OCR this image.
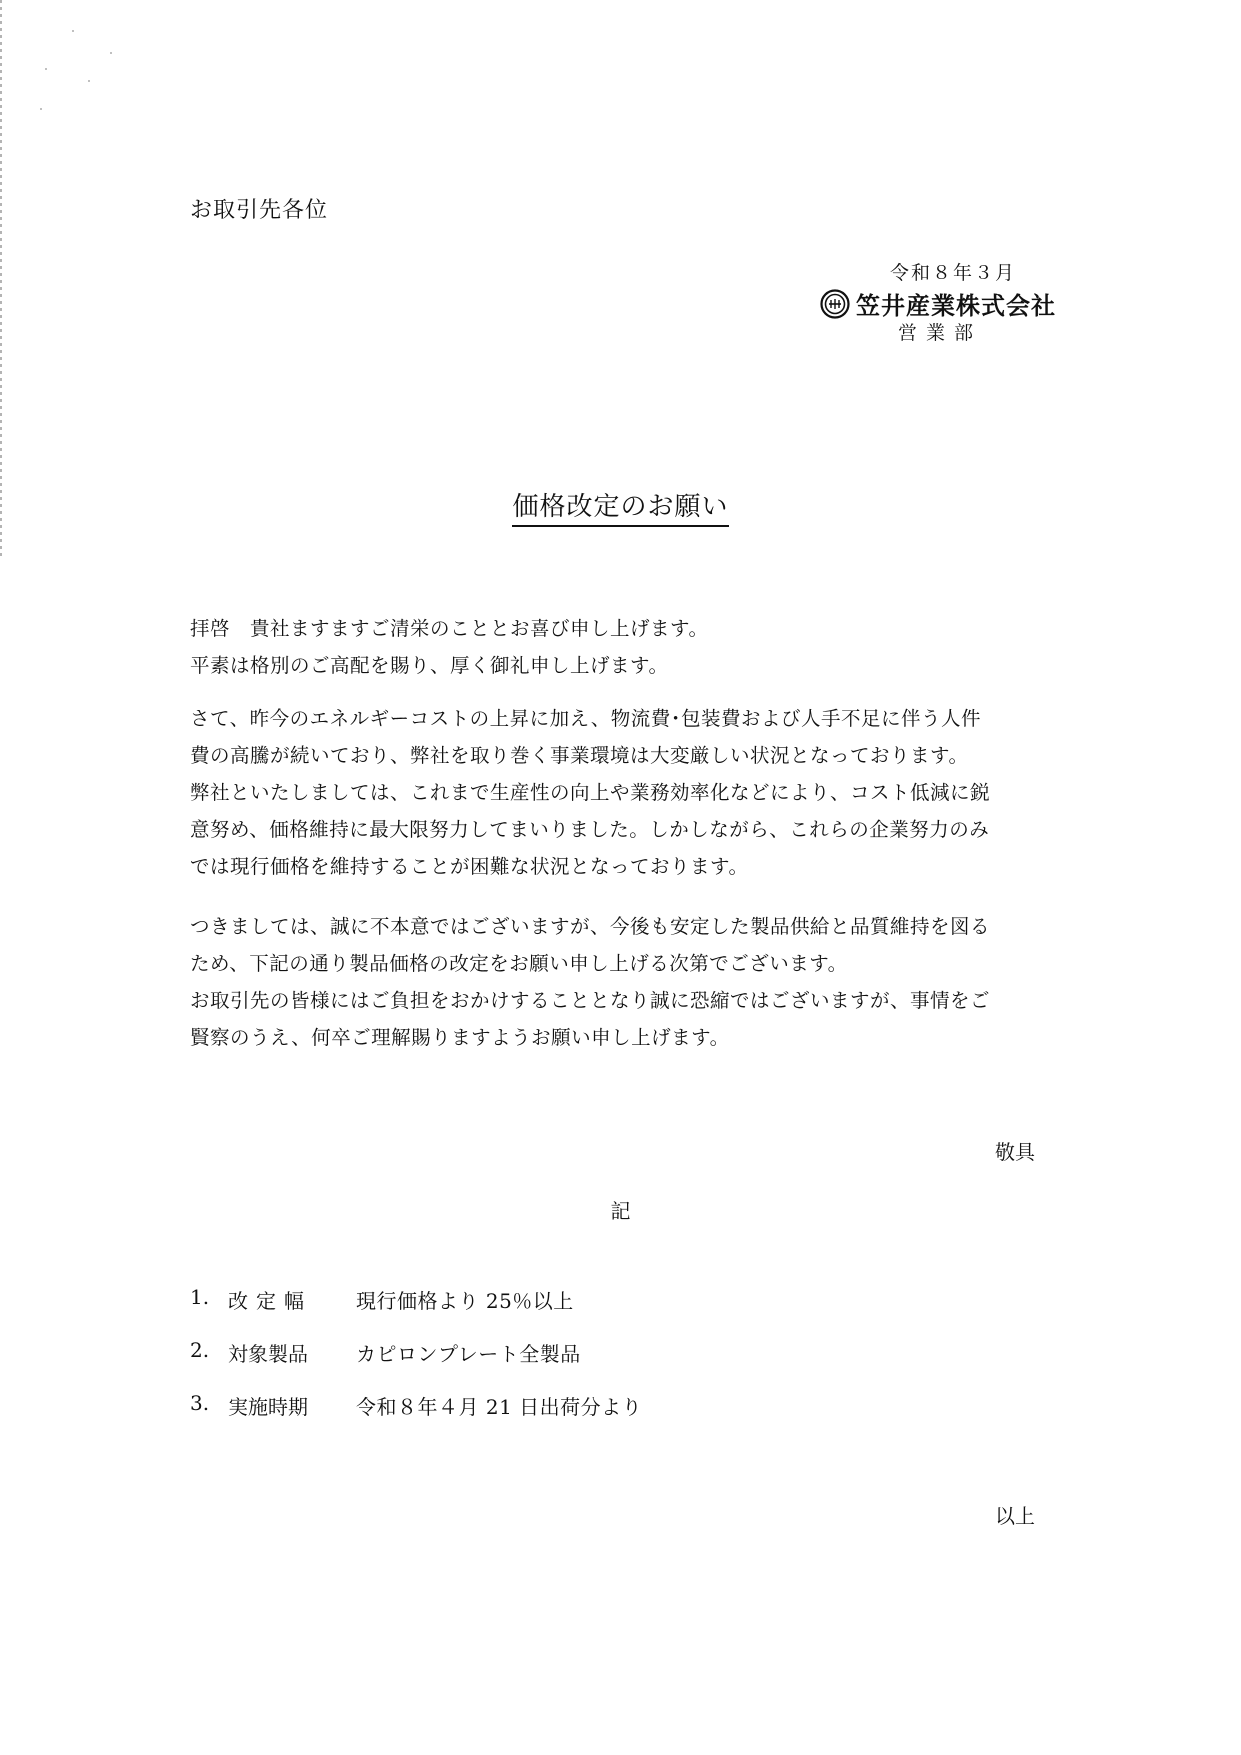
お取引先各位
令和８年３月
笠井産業株式会社
営業部
価格改定のお願い
拝啓　貴社ますますご清栄のこととお喜び申し上げます。
平素は格別のご高配を賜り、厚く御礼申し上げます。
さて、昨今のエネルギーコストの上昇に加え、物流費･包装費および人手不足に伴う人件
費の高騰が続いており、弊社を取り巻く事業環境は大変厳しい状況となっております。
弊社といたしましては、これまで生産性の向上や業務効率化などにより、コスト低減に鋭
意努め、価格維持に最大限努力してまいりました。しかしながら、これらの企業努力のみ
では現行価格を維持することが困難な状況となっております。
つきましては、誠に不本意ではございますが、今後も安定した製品供給と品質維持を図る
ため、下記の通り製品価格の改定をお願い申し上げる次第でございます。
お取引先の皆様にはご負担をおかけすることとなり誠に恐縮ではございますが、事情をご
賢察のうえ、何卒ご理解賜りますようお願い申し上げます。
敬具
記
1. 改定幅	現行価格より 25％以上
2. 対象製品	カピロンプレート全製品
3. 実施時期	令和８年４月 21 日出荷分より
以上
